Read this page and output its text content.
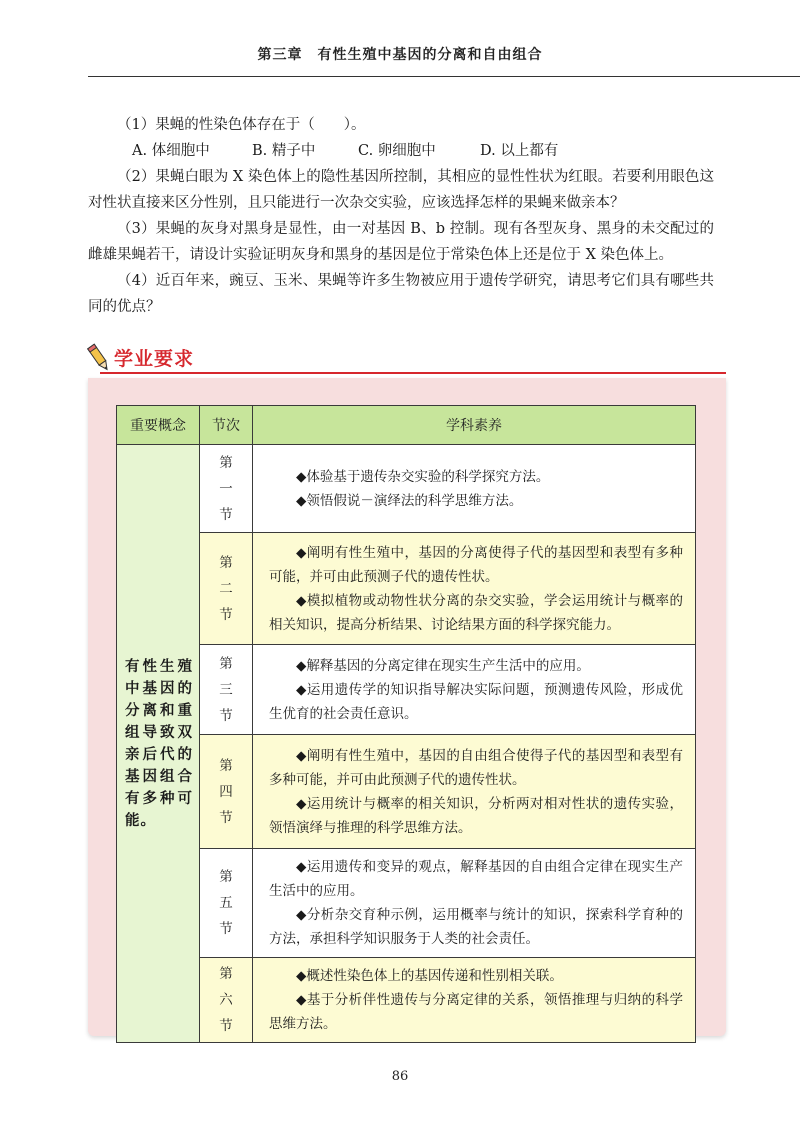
第三章　有性生殖中基因的分离和自由组合

（1）果蝇的性染色体存在于（　　）。

A. 体细胞中	B. 精子中	C. 卵细胞中	D. 以上都有

（2）果蝇白眼为 X 染色体上的隐性基因所控制，其相应的显性性状为红眼。若要利用眼色这对性状直接来区分性别，且只能进行一次杂交实验，应该选择怎样的果蝇来做亲本？

（3）果蝇的灰身对黑身是显性，由一对基因 B、b 控制。现有各型灰身、黑身的未交配过的雌雄果蝇若干，请设计实验证明灰身和黑身的基因是位于常染色体上还是位于 X 染色体上。

（4）近百年来，豌豆、玉米、果蝇等许多生物被应用于遗传学研究，请思考它们具有哪些共同的优点？

学业要求
重要概念	节次	学科素养
有性生殖中基因的分离和重组导致双亲后代的基因组合有多种可能。	第一节	◆体验基于遗传杂交实验的科学探究方法。

◆领悟假说－演绎法的科学思维方法。

	第二节	◆阐明有性生殖中，基因的分离使得子代的基因型和表型有多种可能，并可由此预测子代的遗传性状。

◆模拟植物或动物性状分离的杂交实验，学会运用统计与概率的相关知识，提高分析结果、讨论结果方面的科学探究能力。

	第三节	◆解释基因的分离定律在现实生产生活中的应用。

◆运用遗传学的知识指导解决实际问题，预测遗传风险，形成优生优育的社会责任意识。

	第四节	◆阐明有性生殖中，基因的自由组合使得子代的基因型和表型有多种可能，并可由此预测子代的遗传性状。

◆运用统计与概率的相关知识，分析两对相对性状的遗传实验，领悟演绎与推理的科学思维方法。

	第五节	◆运用遗传和变异的观点，解释基因的自由组合定律在现实生产生活中的应用。

◆分析杂交育种示例，运用概率与统计的知识，探索科学育种的方法，承担科学知识服务于人类的社会责任。

	第六节	◆概述性染色体上的基因传递和性别相关联。

◆基于分析伴性遗传与分离定律的关系，领悟推理与归纳的科学思维方法。

86
